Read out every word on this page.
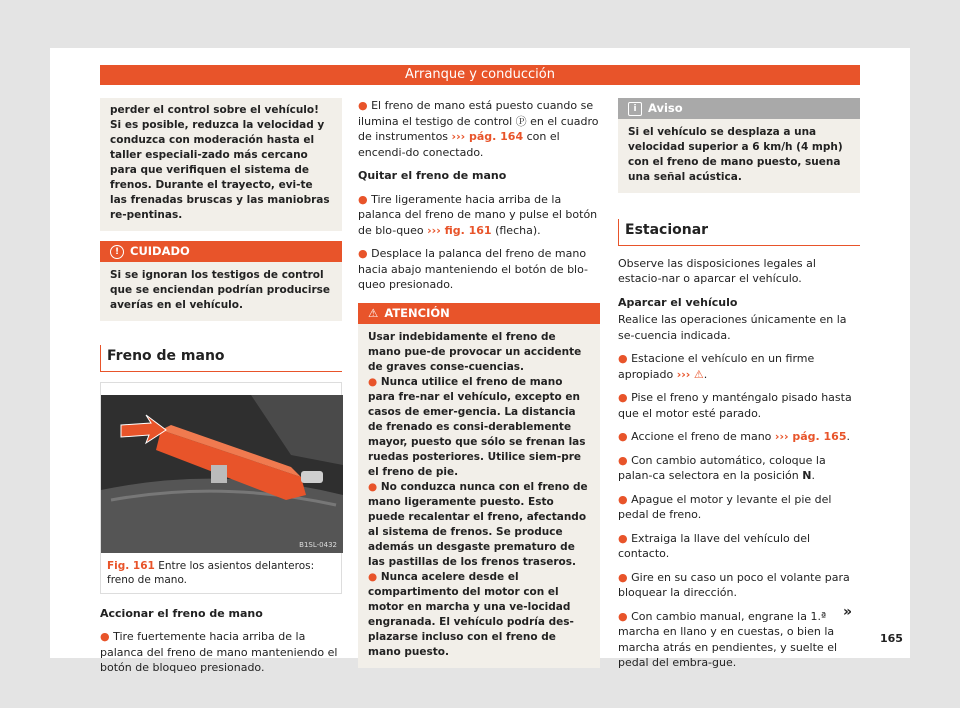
Arranque y conducción
perder el control sobre el vehículo! Si es posible, reduzca la velocidad y conduzca con moderación hasta el taller especiali-zado más cercano para que verifiquen el sistema de frenos. Durante el trayecto, evi-te las frenadas bruscas y las maniobras re-pentinas.
! CUIDADO
Si se ignoran los testigos de control que se enciendan podrían producirse averías en el vehículo.
Freno de mano
B1SL-0432
Fig. 161 Entre los asientos delanteros: freno de mano.

Accionar el freno de mano

● Tire fuertemente hacia arriba de la palanca del freno de mano manteniendo el botón de bloqueo presionado.

● El freno de mano está puesto cuando se ilumina el testigo de control Ⓟ en el cuadro de instrumentos ››› pág. 164 con el encendi-do conectado.

Quitar el freno de mano

● Tire ligeramente hacia arriba de la palanca del freno de mano y pulse el botón de blo-queo ››› fig. 161 (flecha).

● Desplace la palanca del freno de mano hacia abajo manteniendo el botón de blo-queo presionado.

⚠ ATENCIÓN
Usar indebidamente el freno de mano pue-de provocar un accidente de graves conse-cuencias.
● Nunca utilice el freno de mano para fre-nar el vehículo, excepto en casos de emer-gencia. La distancia de frenado es consi-derablemente mayor, puesto que sólo se frenan las ruedas posteriores. Utilice siem-pre el freno de pie.
● No conduzca nunca con el freno de mano ligeramente puesto. Esto puede recalentar el freno, afectando al sistema de frenos. Se produce además un desgaste prematuro de las pastillas de los frenos traseros.
● Nunca acelere desde el compartimento del motor con el motor en marcha y una ve-locidad engranada. El vehículo podría des-plazarse incluso con el freno de mano puesto.
i Aviso
Si el vehículo se desplaza a una velocidad superior a 6 km/h (4 mph) con el freno de mano puesto, suena una señal acústica.
Estacionar

Observe las disposiciones legales al estacio-nar o aparcar el vehículo.

Aparcar el vehículo

Realice las operaciones únicamente en la se-cuencia indicada.

● Estacione el vehículo en un firme apropiado ››› ⚠.

● Pise el freno y manténgalo pisado hasta que el motor esté parado.

● Accione el freno de mano ››› pág. 165.

● Con cambio automático, coloque la palan-ca selectora en la posición N.

● Apague el motor y levante el pie del pedal de freno.

● Extraiga la llave del vehículo del contacto.

● Gire en su caso un poco el volante para bloquear la dirección.

● Con cambio manual, engrane la 1.ª marcha en llano y en cuestas, o bien la marcha atrás en pendientes, y suelte el pedal del embra-gue.

»
165
